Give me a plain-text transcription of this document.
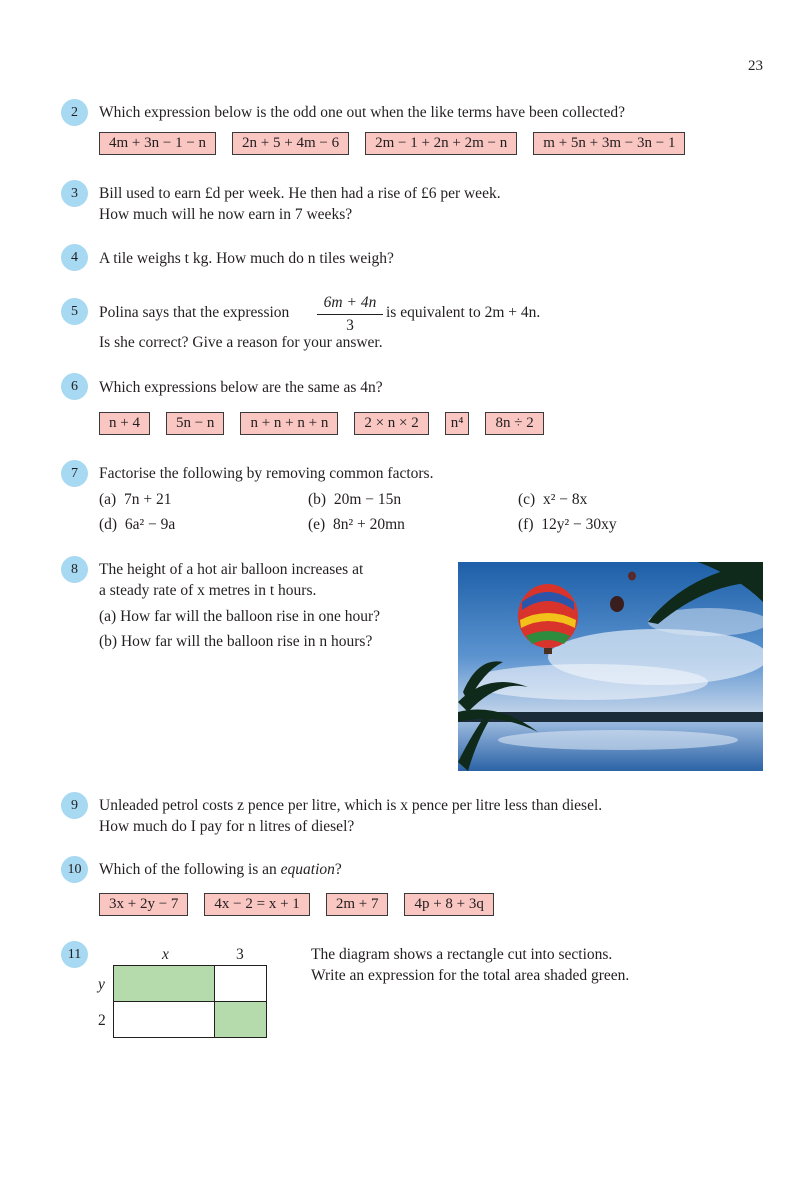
23
2	Which expression below is the odd one out when the like terms have been collected?
4m + 3n − 1 − n	2n + 5 + 4m − 6	2m − 1 + 2n + 2m − n	m + 5n + 3m − 3n − 1
3	Bill used to earn £d per week. He then had a rise of £6 per week.
How much will he now earn in 7 weeks?
4	A tile weighs t kg. How much do n tiles weigh?
5	Polina says that the expression $\frac{6m + 4n}{3}$ is equivalent to 2m + 4n.
Is she correct? Give a reason for your answer.
6	Which expressions below are the same as 4n?
n + 4	5n − n	n + n + n + n	2 × n × 2	n⁴	8n ÷ 2
7	Factorise the following by removing common factors.
(a) 7n + 21	(b) 20m − 15n	(c) x² − 8x
(d) 6a² − 9a	(e) 8n² + 20mn	(f) 12y² − 30xy
8	The height of a hot air balloon increases at
a steady rate of x metres in t hours.
(a) How far will the balloon rise in one hour?
(b) How far will the balloon rise in n hours?
9	Unleaded petrol costs z pence per litre, which is x pence per litre less than diesel.
How much do I pay for n litres of diesel?
10	Which of the following is an equation?
3x + 2y − 7	4x − 2 = x + 1	2m + 7	4p + 8 + 3q
11	x	3
y
2
The diagram shows a rectangle cut into sections.
Write an expression for the total area shaded green.
